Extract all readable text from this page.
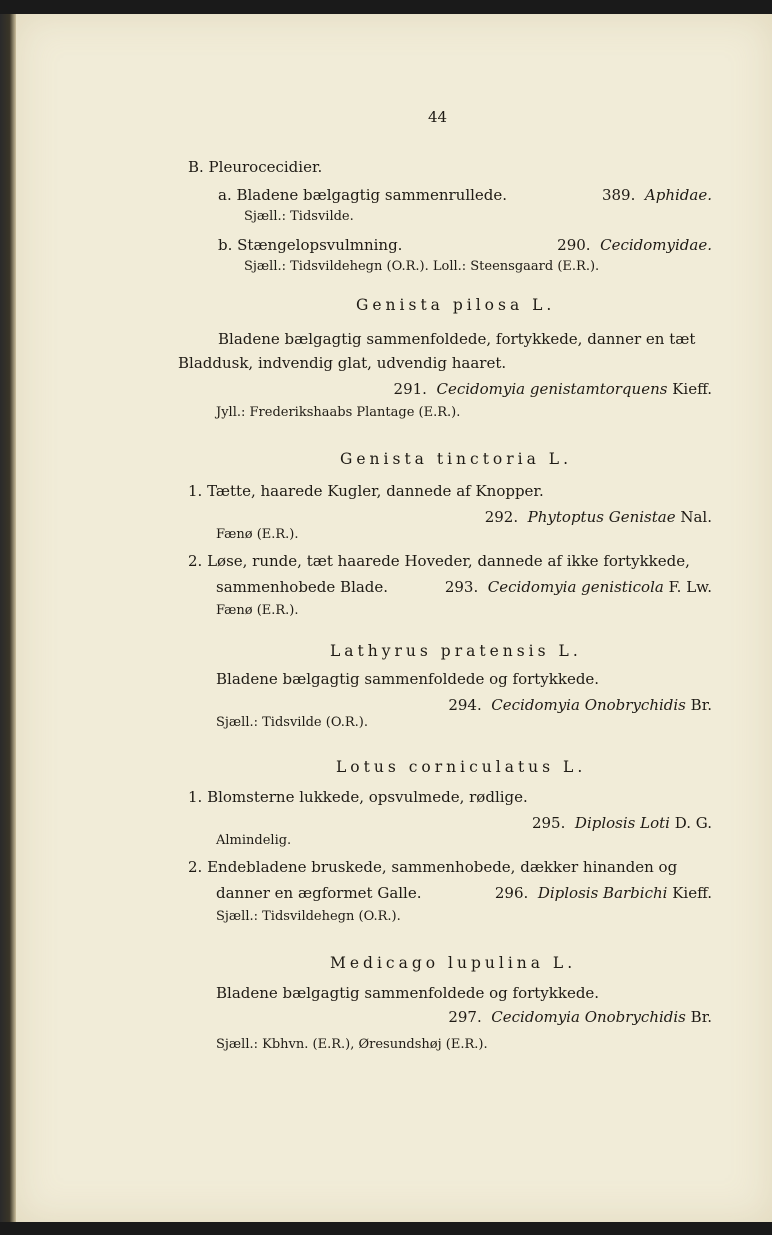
44
B. Pleurocecidier.
a. Bladene bælgagtig sammenrullede.	389. Aphidae.
Sjæll.: Tidsvilde.
b. Stængelopsvulmning.	290. Cecidomyidae.
Sjæll.: Tidsvildehegn (O.R.). Loll.: Steensgaard (E.R.).
Genista pilosa L.
Bladene bælgagtig sammenfoldede, fortykkede, danner en tæt
Bladdusk, indvendig glat, udvendig haaret.
291. Cecidomyia genistamtorquens Kieff.
Jyll.: Frederikshaabs Plantage (E.R.).
Genista tinctoria L.
1. Tætte, haarede Kugler, dannede af Knopper.
292. Phytoptus Genistae Nal.
Fænø (E.R.).
2. Løse, runde, tæt haarede Hoveder, dannede af ikke fortykkede,
sammenhobede Blade.	293. Cecidomyia genisticola F. Lw.
Fænø (E.R.).
Lathyrus pratensis L.
Bladene bælgagtig sammenfoldede og fortykkede.
294. Cecidomyia Onobrychidis Br.
Sjæll.: Tidsvilde (O.R.).
Lotus corniculatus L.
1. Blomsterne lukkede, opsvulmede, rødlige.
295. Diplosis Loti D. G.
Almindelig.
2. Endebladene bruskede, sammenhobede, dækker hinanden og
danner en ægformet Galle.	296. Diplosis Barbichi Kieff.
Sjæll.: Tidsvildehegn (O.R.).
Medicago lupulina L.
Bladene bælgagtig sammenfoldede og fortykkede.
297. Cecidomyia Onobrychidis Br.
Sjæll.: Kbhvn. (E.R.), Øresundshøj (E.R.).
